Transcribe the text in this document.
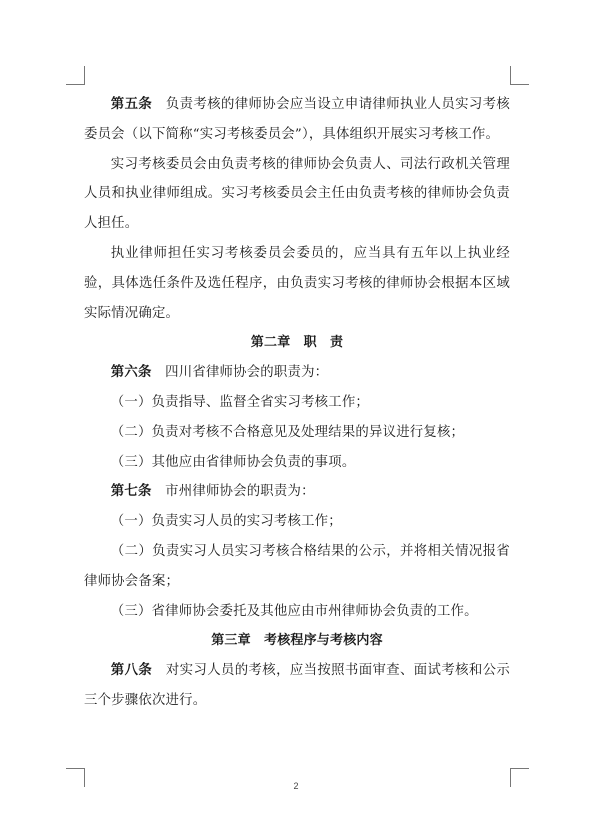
第五条　 负责考核的律师协会应当设立申请律师执业人员实习考核委员会（以下简称“实习考核委员会”），具体组织开展实习考核工作。

实习考核委员会由负责考核的律师协会负责人、司法行政机关管理人员和执业律师组成。实习考核委员会主任由负责考核的律师协会负责人担任。

执业律师担任实习考核委员会委员的，应当具有五年以上执业经验，具体选任条件及选任程序，由负责实习考核的律师协会根据本区域实际情况确定。

第二章　职　责

第六条　 四川省律师协会的职责为：

（一）负责指导、监督全省实习考核工作；

（二）负责对考核不合格意见及处理结果的异议进行复核；

（三）其他应由省律师协会负责的事项。

第七条　 市州律师协会的职责为：

（一）负责实习人员的实习考核工作；

（二）负责实习人员实习考核合格结果的公示，并将相关情况报省律师协会备案；

（三）省律师协会委托及其他应由市州律师协会负责的工作。

第三章　考核程序与考核内容

第八条　 对实习人员的考核，应当按照书面审查、面试考核和公示三个步骤依次进行。

2
